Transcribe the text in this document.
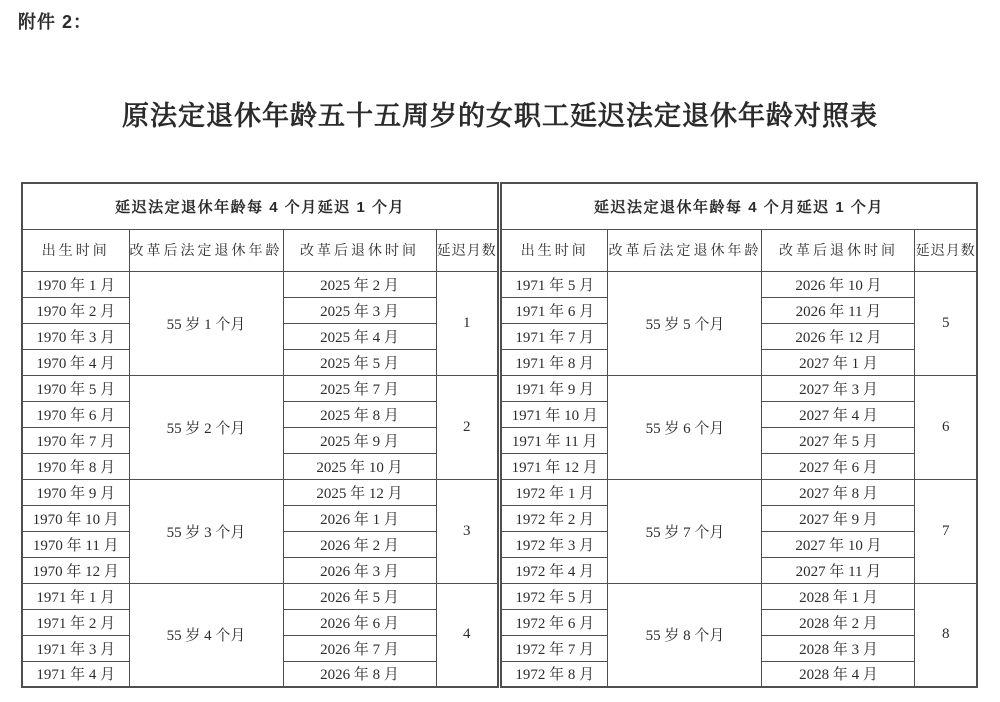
附件 2：
原法定退休年龄五十五周岁的女职工延迟法定退休年龄对照表
延迟法定退休年龄每 4 个月延迟 1 个月			
出生时间	改革后法定退休年龄	改革后退休时间	延迟月数
1970 年 1 月	55 岁 1 个月	2025 年 2 月	1
1970 年 2 月		2025 年 3 月	
1970 年 3 月		2025 年 4 月	
1970 年 4 月		2025 年 5 月	
1970 年 5 月	55 岁 2 个月	2025 年 7 月	2
1970 年 6 月		2025 年 8 月	
1970 年 7 月		2025 年 9 月	
1970 年 8 月		2025 年 10 月	
1970 年 9 月	55 岁 3 个月	2025 年 12 月	3
1970 年 10 月		2026 年 1 月	
1970 年 11 月		2026 年 2 月	
1970 年 12 月		2026 年 3 月	
1971 年 1 月	55 岁 4 个月	2026 年 5 月	4
1971 年 2 月		2026 年 6 月	
1971 年 3 月		2026 年 7 月	
1971 年 4 月		2026 年 8 月	
延迟法定退休年龄每 4 个月延迟 1 个月			
出生时间	改革后法定退休年龄	改革后退休时间	延迟月数
1971 年 5 月	55 岁 5 个月	2026 年 10 月	5
1971 年 6 月		2026 年 11 月	
1971 年 7 月		2026 年 12 月	
1971 年 8 月		2027 年 1 月	
1971 年 9 月	55 岁 6 个月	2027 年 3 月	6
1971 年 10 月		2027 年 4 月	
1971 年 11 月		2027 年 5 月	
1971 年 12 月		2027 年 6 月	
1972 年 1 月	55 岁 7 个月	2027 年 8 月	7
1972 年 2 月		2027 年 9 月	
1972 年 3 月		2027 年 10 月	
1972 年 4 月		2027 年 11 月	
1972 年 5 月	55 岁 8 个月	2028 年 1 月	8
1972 年 6 月		2028 年 2 月	
1972 年 7 月		2028 年 3 月	
1972 年 8 月		2028 年 4 月	
